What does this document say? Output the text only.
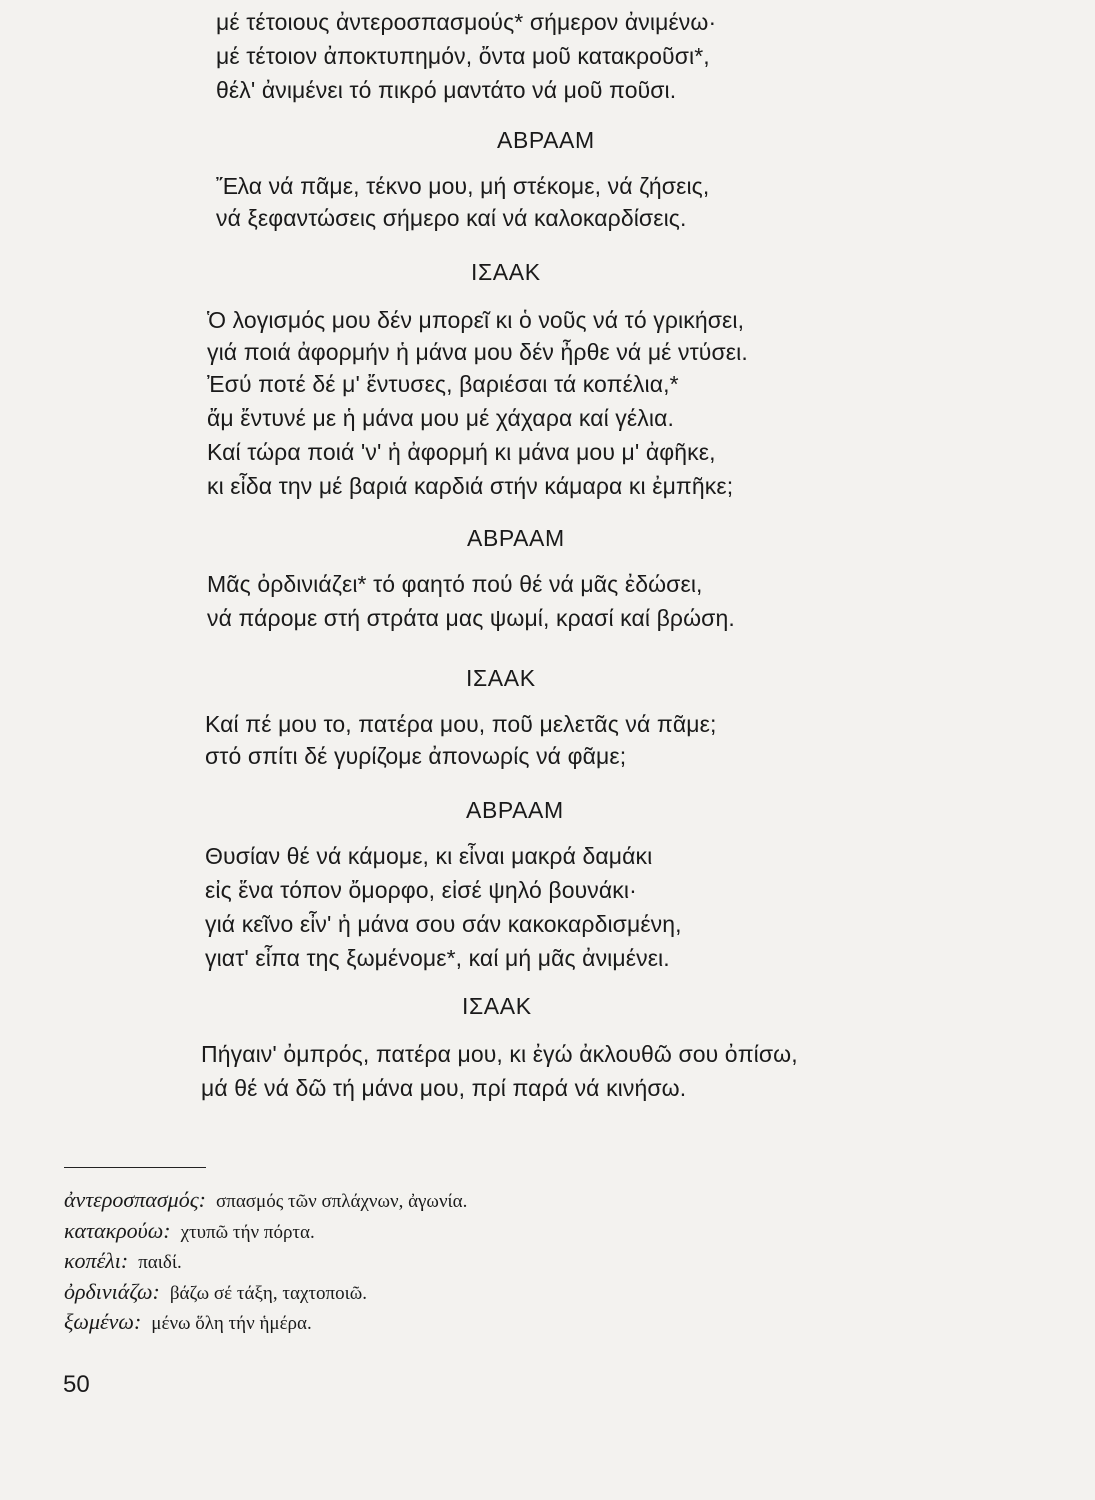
μέ τέτοιους ἀντεροσπασμούς* σήμερον ἀνιμένω·
μέ τέτοιον ἀποκτυπημόν, ὄντα μοῦ κατακροῦσι*,
θέλ' ἀνιμένει τό πικρό μαντάτο νά μοῦ ποῦσι.
ΑΒΡΑΑΜ
Ἔλα νά πᾶμε, τέκνο μου, μή στέκομε, νά ζήσεις,
νά ξεφαντώσεις σήμερο καί νά καλοκαρδίσεις.
ΙΣΑΑΚ
Ὁ λογισμός μου δέν μπορεῖ κι ὁ νοῦς νά τό γρικήσει,
γιά ποιά ἀφορμήν ἡ μάνα μου δέν ἦρθε νά μέ ντύσει.
Ἐσύ ποτέ δέ μ' ἔντυσες, βαριέσαι τά κοπέλια,*
ἄμ ἔντυνέ με ἡ μάνα μου μέ χάχαρα καί γέλια.
Καί τώρα ποιά 'ν' ἡ ἀφορμή κι μάνα μου μ' ἀφῆκε,
κι εἶδα την μέ βαριά καρδιά στήν κάμαρα κι ἐμπῆκε;
ΑΒΡΑΑΜ
Μᾶς ὀρδινιάζει* τό φαητό πού θέ νά μᾶς ἐδώσει,
νά πάρομε στή στράτα μας ψωμί, κρασί καί βρώση.
ΙΣΑΑΚ
Καί πέ μου το, πατέρα μου, ποῦ μελετᾶς νά πᾶμε;
στό σπίτι δέ γυρίζομε ἀπονωρίς νά φᾶμε;
ΑΒΡΑΑΜ
Θυσίαν θέ νά κάμομε, κι εἶναι μακρά δαμάκι
εἰς ἕνα τόπον ὄμορφο, εἰσέ ψηλό βουνάκι·
γιά κεῖνο εἶν' ἡ μάνα σου σάν κακοκαρδισμένη,
γιατ' εἶπα της ξωμένομε*, καί μή μᾶς ἀνιμένει.
ΙΣΑΑΚ
Πήγαιν' ὀμπρός, πατέρα μου, κι ἐγώ ἀκλουθῶ σου ὀπίσω,
μά θέ νά δῶ τή μάνα μου, πρί παρά νά κινήσω.
ἀντεροσπασμός: σπασμός τῶν σπλάχνων, ἀγωνία.
κατακρούω: χτυπῶ τήν πόρτα.
κοπέλι: παιδί.
ὀρδινιάζω: βάζω σέ τάξη, ταχτοποιῶ.
ξωμένω: μένω ὅλη τήν ἡμέρα.
50
